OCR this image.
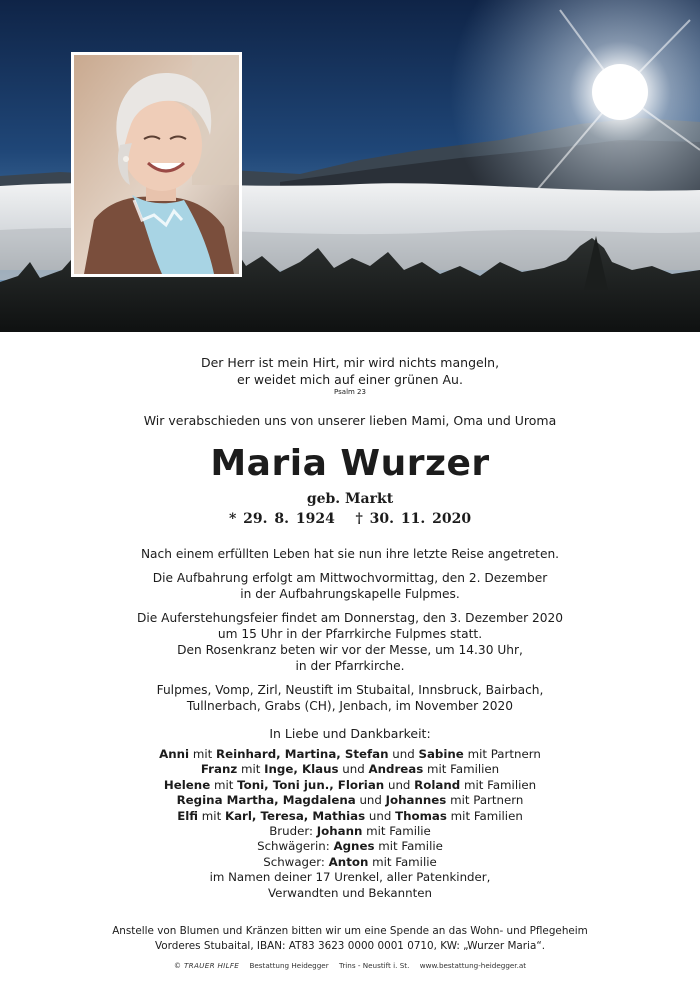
Der Herr ist mein Hirt, mir wird nichts mangeln,
er weidet mich auf einer grünen Au.
Psalm 23
Wir verabschieden uns von unserer lieben Mami, Oma und Uroma
Maria Wurzer
geb. Markt
* 29. 8. 1924   † 30. 11. 2020
Nach einem erfüllten Leben hat sie nun ihre letzte Reise angetreten.
Die Aufbahrung erfolgt am Mittwochvormittag, den 2. Dezember
in der Aufbahrungskapelle Fulpmes.
Die Auferstehungsfeier findet am Donnerstag, den 3. Dezember 2020
um 15 Uhr in der Pfarrkirche Fulpmes statt.
Den Rosenkranz beten wir vor der Messe, um 14.30 Uhr,
in der Pfarrkirche.
Fulpmes, Vomp, Zirl, Neustift im Stubaital, Innsbruck, Bairbach,
Tullnerbach, Grabs (CH), Jenbach, im November 2020
In Liebe und Dankbarkeit:
Anni mit Reinhard, Martina, Stefan und Sabine mit Partnern
Franz mit Inge, Klaus und Andreas mit Familien
Helene mit Toni, Toni jun., Florian und Roland mit Familien
Regina Martha, Magdalena und Johannes mit Partnern
Elfi mit Karl, Teresa, Mathias und Thomas mit Familien
Bruder: Johann mit Familie
Schwägerin: Agnes mit Familie
Schwager: Anton mit Familie
im Namen deiner 17 Urenkel, aller Patenkinder,
Verwandten und Bekannten
Anstelle von Blumen und Kränzen bitten wir um eine Spende an das Wohn- und Pflegeheim
Vorderes Stubaital, IBAN: AT83 3623 0000 0001 0710, KW: „Wurzer Maria“.
© TRAUER HILFE Bestattung Heidegger Trins - Neustift i. St. www.bestattung-heidegger.at
